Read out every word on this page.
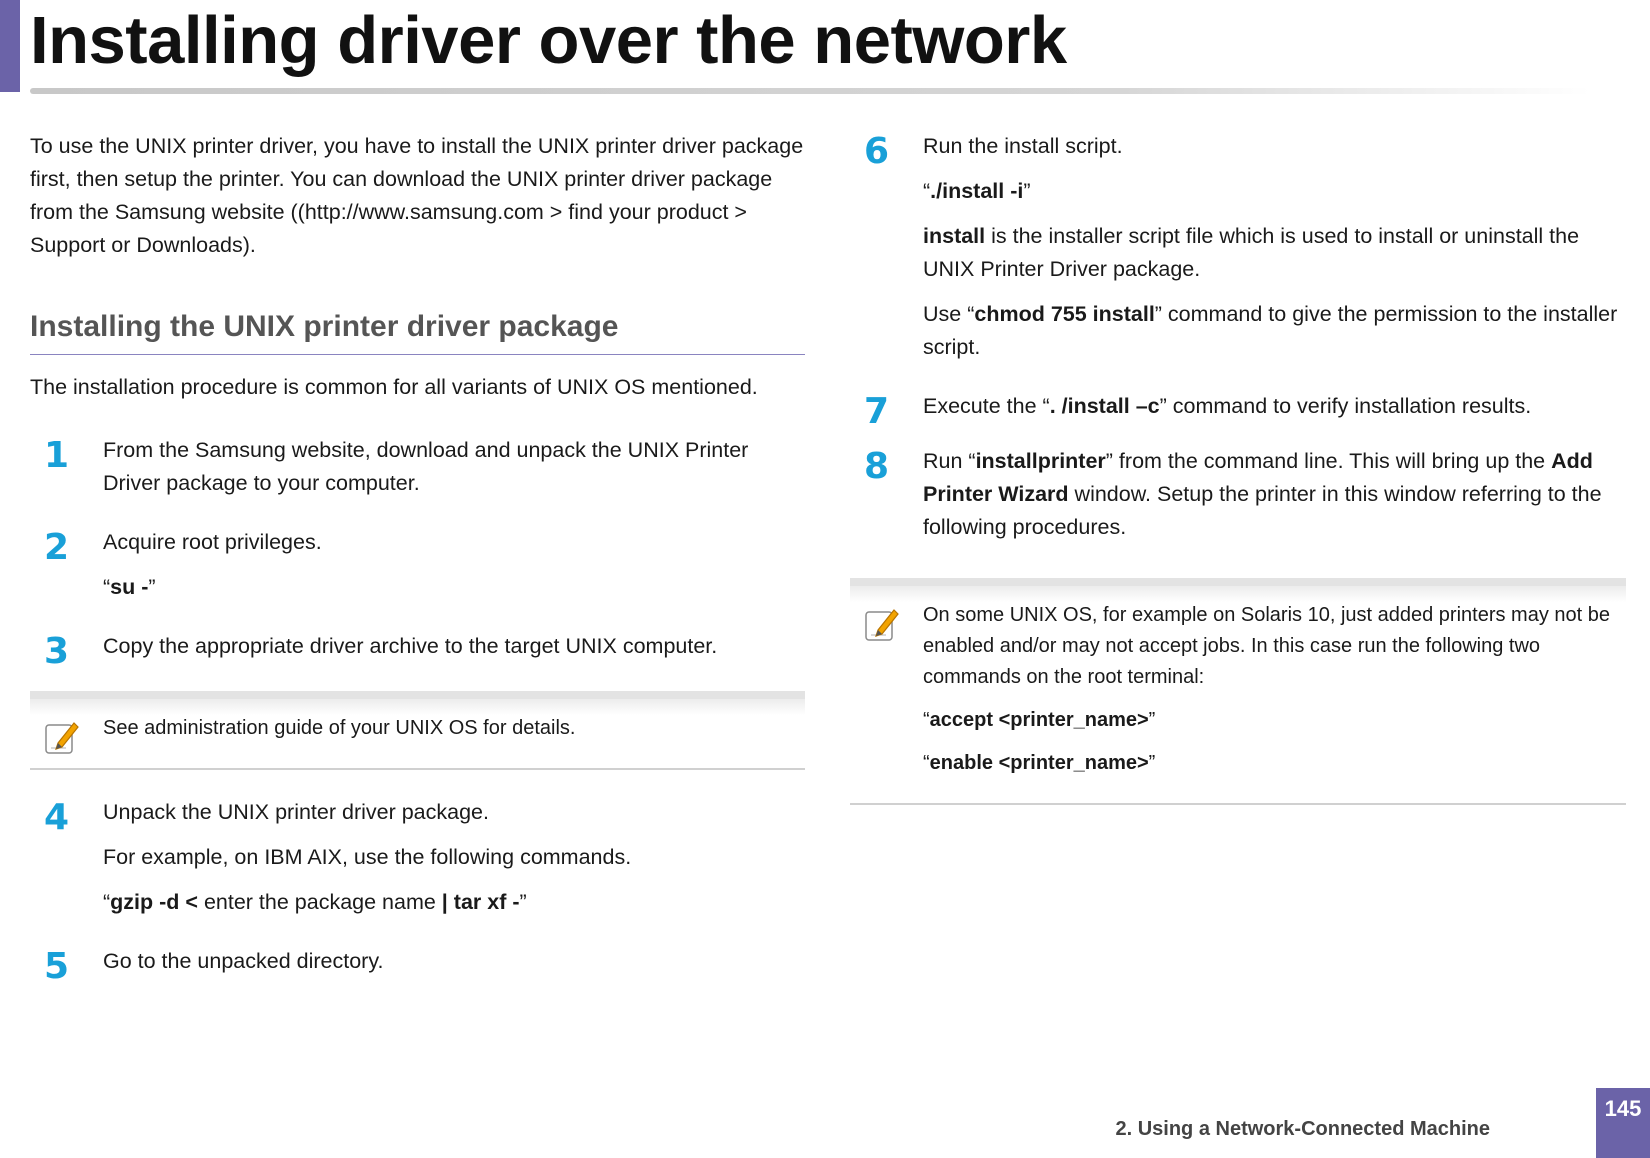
Installing driver over the network

To use the UNIX printer driver, you have to install the UNIX printer driver package first, then setup the printer. You can download the UNIX printer driver package from the Samsung website ((http://www.samsung.com > find your product > Support or Downloads).

Installing the UNIX printer driver package

The installation procedure is common for all variants of UNIX OS mentioned.

1 From the Samsung website, download and unpack the UNIX Printer Driver package to your computer.

2 Acquire root privileges.

“su -”

3 Copy the appropriate driver archive to the target UNIX computer.

See administration guide of your UNIX OS for details.

4 Unpack the UNIX printer driver package.

For example, on IBM AIX, use the following commands.

“gzip -d < enter the package name | tar xf -”

5 Go to the unpacked directory.

6 Run the install script.

“./install -i”

install is the installer script file which is used to install or uninstall the UNIX Printer Driver package.

Use “chmod 755 install” command to give the permission to the installer script.

7 Execute the “. /install –c” command to verify installation results.

8 Run “installprinter” from the command line. This will bring up the Add Printer Wizard window. Setup the printer in this window referring to the following procedures.

On some UNIX OS, for example on Solaris 10, just added printers may not be enabled and/or may not accept jobs. In this case run the following two commands on the root terminal:

“accept <printer_name>”

“enable <printer_name>”

2. Using a Network-Connected Machine
145
